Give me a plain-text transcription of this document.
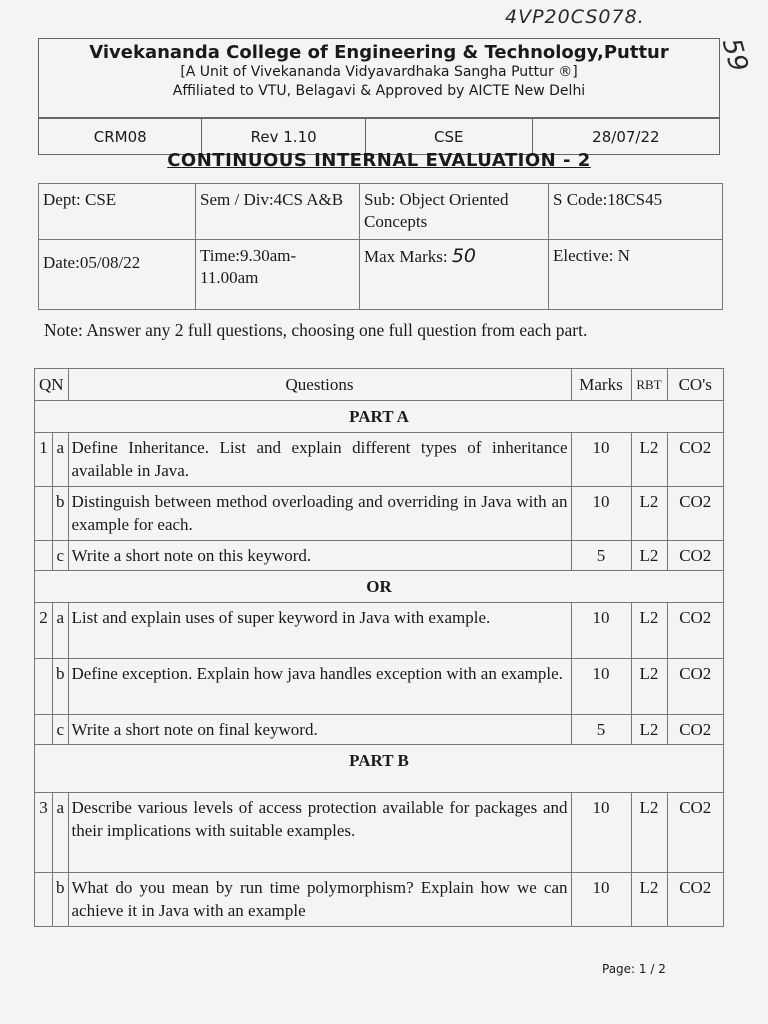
4VP20CS078.
59
Vivekananda College of Engineering & Technology,Puttur
[A Unit of Vivekananda Vidyavardhaka Sangha Puttur ®]
Affiliated to VTU, Belagavi & Approved by AICTE New Delhi
CRM08	Rev 1.10	CSE	28/07/22
CONTINUOUS INTERNAL EVALUATION - 2
Dept: CSE	Sem / Div:4CS A&B	Sub: Object Oriented Concepts	S Code:18CS45
Date:05/08/22	Time:9.30am- 11.00am	Max Marks: 50	Elective: N
Note: Answer any 2 full questions, choosing one full question from each part.
QN		Questions	Marks	RBT	CO's
PART A					
1	a	Define Inheritance. List and explain different types of inheritance available in Java.	10	L2	CO2
	b	Distinguish between method overloading and overriding in Java with an example for each.	10	L2	CO2
	c	Write a short note on this keyword.	5	L2	CO2
OR					
2	a	List and explain uses of super keyword in Java with example.	10	L2	CO2
	b	Define exception. Explain how java handles exception with an example.	10	L2	CO2
	c	Write a short note on final keyword.	5	L2	CO2
PART B					
3	a	Describe various levels of access protection available for packages and their implications with suitable examples.	10	L2	CO2
	b	What do you mean by run time polymorphism? Explain how we can achieve it in Java with an example	10	L2	CO2
Page: 1 / 2
